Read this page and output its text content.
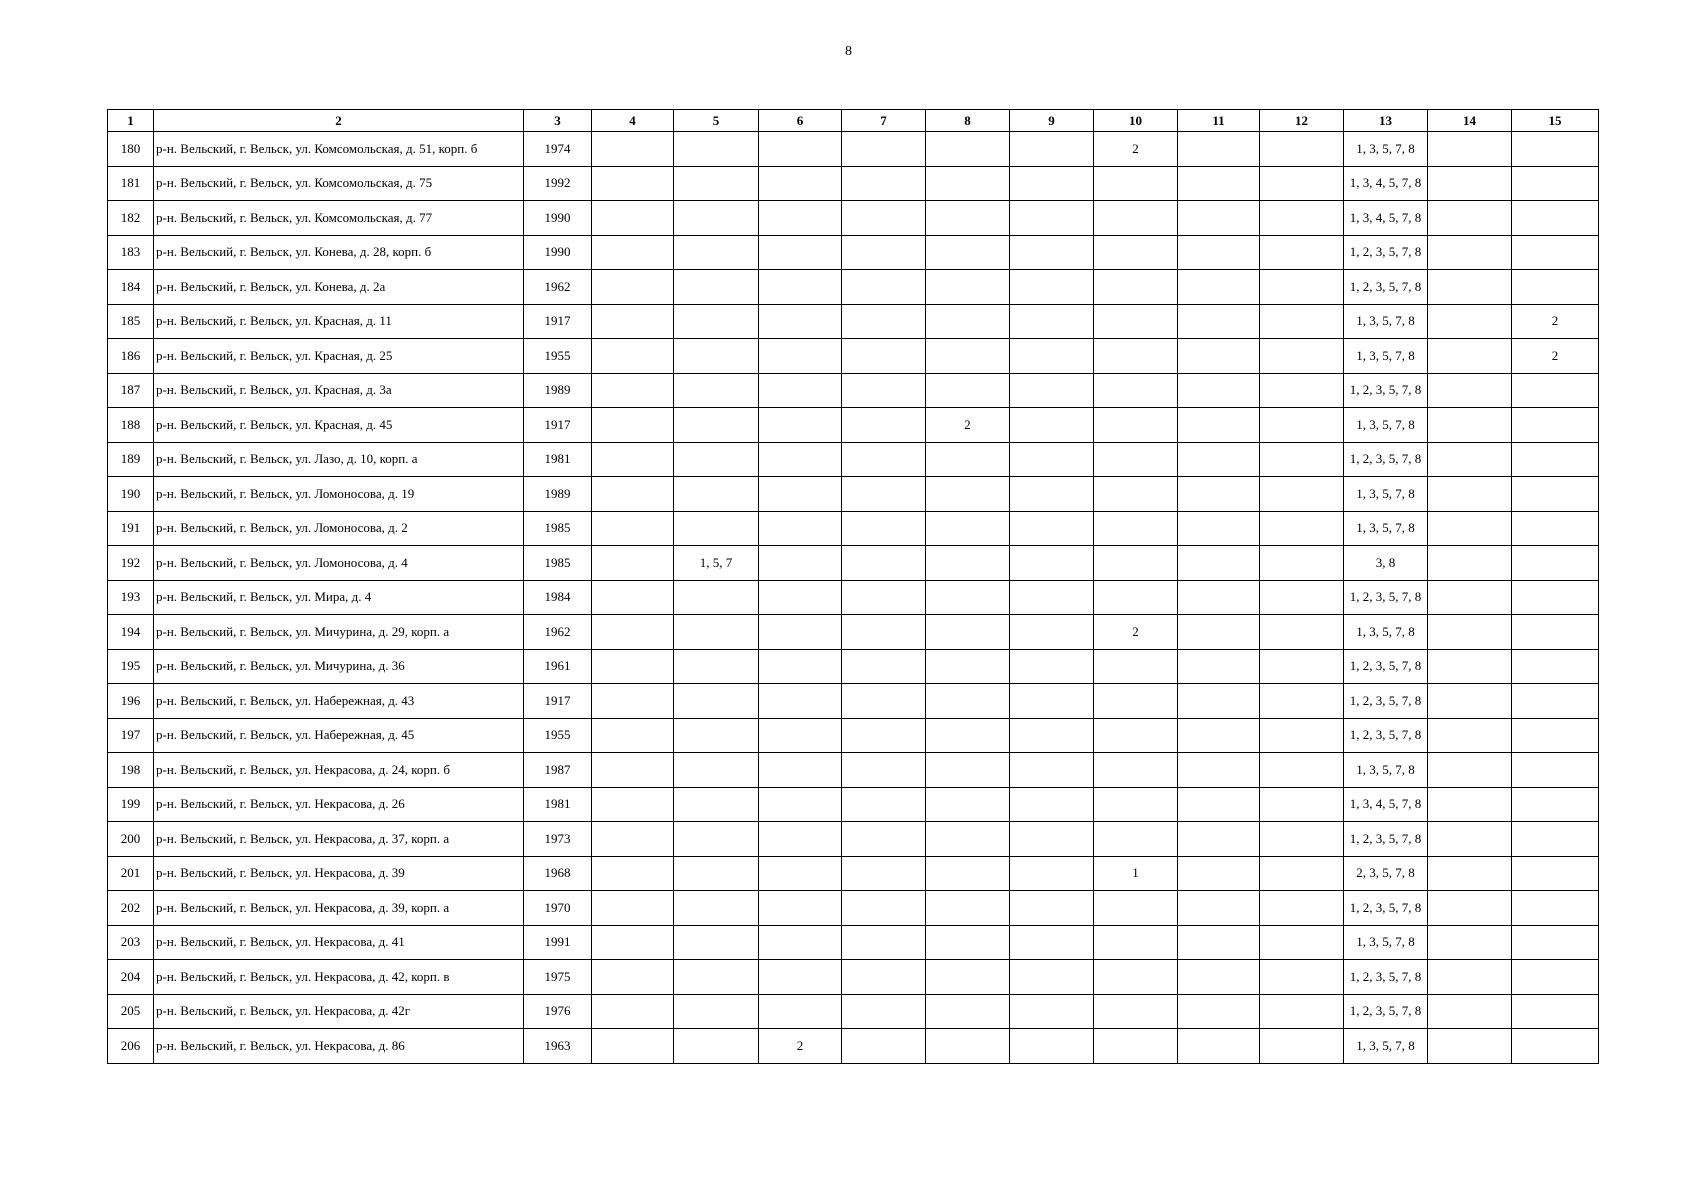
8
1	2	3	4	5	6	7	8	9	10	11	12	13	14	15
180	р-н. Вельский, г. Вельск, ул. Комсомольская, д. 51, корп. б	1974							2			1, 3, 5, 7, 8		
181	р-н. Вельский, г. Вельск, ул. Комсомольская, д. 75	1992										1, 3, 4, 5, 7, 8		
182	р-н. Вельский, г. Вельск, ул. Комсомольская, д. 77	1990										1, 3, 4, 5, 7, 8		
183	р-н. Вельский, г. Вельск, ул. Конева, д. 28, корп. б	1990										1, 2, 3, 5, 7, 8		
184	р-н. Вельский, г. Вельск, ул. Конева, д. 2а	1962										1, 2, 3, 5, 7, 8		
185	р-н. Вельский, г. Вельск, ул. Красная, д. 11	1917										1, 3, 5, 7, 8		2
186	р-н. Вельский, г. Вельск, ул. Красная, д. 25	1955										1, 3, 5, 7, 8		2
187	р-н. Вельский, г. Вельск, ул. Красная, д. 3а	1989										1, 2, 3, 5, 7, 8		
188	р-н. Вельский, г. Вельск, ул. Красная, д. 45	1917					2					1, 3, 5, 7, 8		
189	р-н. Вельский, г. Вельск, ул. Лазо, д. 10, корп. а	1981										1, 2, 3, 5, 7, 8		
190	р-н. Вельский, г. Вельск, ул. Ломоносова, д. 19	1989										1, 3, 5, 7, 8		
191	р-н. Вельский, г. Вельск, ул. Ломоносова, д. 2	1985										1, 3, 5, 7, 8		
192	р-н. Вельский, г. Вельск, ул. Ломоносова, д. 4	1985		1, 5, 7								3, 8		
193	р-н. Вельский, г. Вельск, ул. Мира, д. 4	1984										1, 2, 3, 5, 7, 8		
194	р-н. Вельский, г. Вельск, ул. Мичурина, д. 29, корп. а	1962							2			1, 3, 5, 7, 8		
195	р-н. Вельский, г. Вельск, ул. Мичурина, д. 36	1961										1, 2, 3, 5, 7, 8		
196	р-н. Вельский, г. Вельск, ул. Набережная, д. 43	1917										1, 2, 3, 5, 7, 8		
197	р-н. Вельский, г. Вельск, ул. Набережная, д. 45	1955										1, 2, 3, 5, 7, 8		
198	р-н. Вельский, г. Вельск, ул. Некрасова, д. 24, корп. б	1987										1, 3, 5, 7, 8		
199	р-н. Вельский, г. Вельск, ул. Некрасова, д. 26	1981										1, 3, 4, 5, 7, 8		
200	р-н. Вельский, г. Вельск, ул. Некрасова, д. 37, корп. а	1973										1, 2, 3, 5, 7, 8		
201	р-н. Вельский, г. Вельск, ул. Некрасова, д. 39	1968							1			2, 3, 5, 7, 8		
202	р-н. Вельский, г. Вельск, ул. Некрасова, д. 39, корп. а	1970										1, 2, 3, 5, 7, 8		
203	р-н. Вельский, г. Вельск, ул. Некрасова, д. 41	1991										1, 3, 5, 7, 8		
204	р-н. Вельский, г. Вельск, ул. Некрасова, д. 42, корп. в	1975										1, 2, 3, 5, 7, 8		
205	р-н. Вельский, г. Вельск, ул. Некрасова, д. 42г	1976										1, 2, 3, 5, 7, 8		
206	р-н. Вельский, г. Вельск, ул. Некрасова, д. 86	1963			2							1, 3, 5, 7, 8		
